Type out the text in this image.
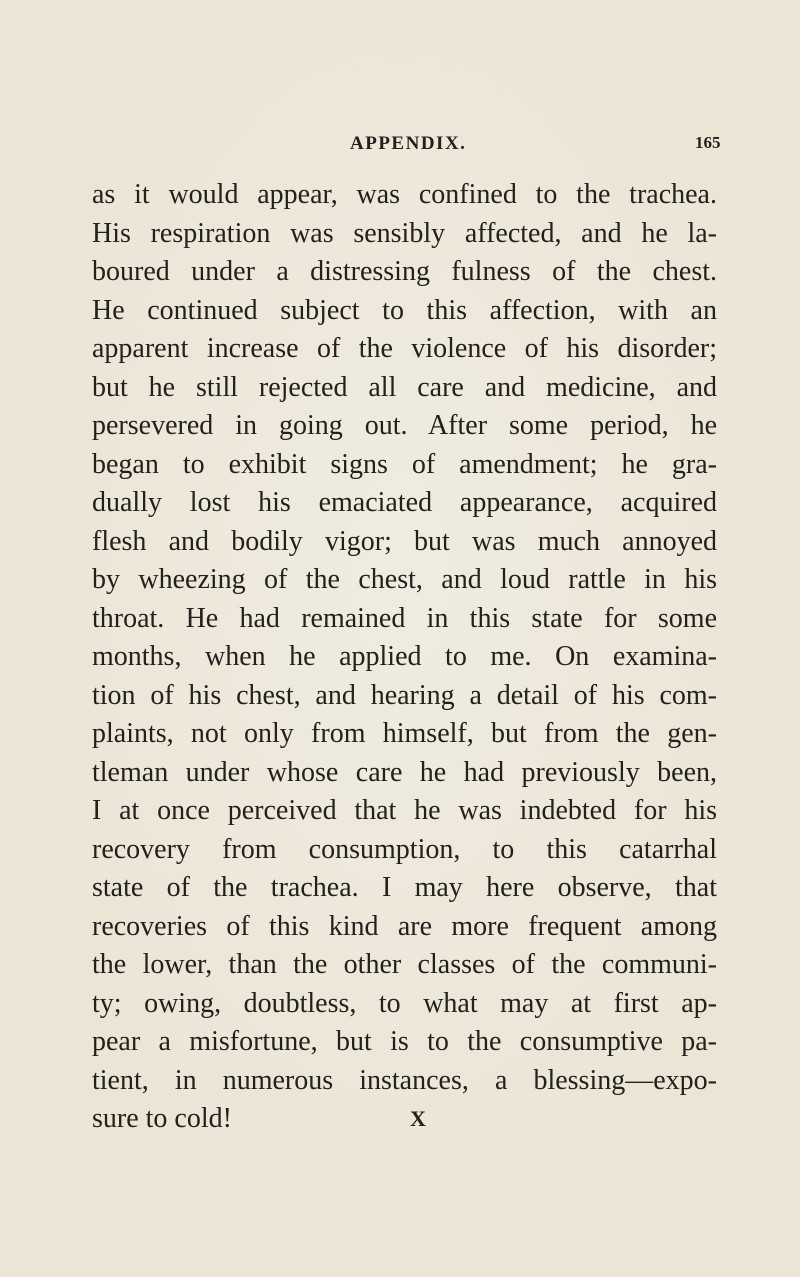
APPENDIX.	165
as it would appear, was confined to the trachea.
His respiration was sensibly affected, and he la-
boured under a distressing fulness of the chest.
He continued subject to this affection, with an
apparent increase of the violence of his disorder;
but he still rejected all care and medicine, and
persevered in going out. After some period, he
began to exhibit signs of amendment; he gra-
dually lost his emaciated appearance, acquired
flesh and bodily vigor; but was much annoyed
by wheezing of the chest, and loud rattle in his
throat. He had remained in this state for some
months, when he applied to me. On examina-
tion of his chest, and hearing a detail of his com-
plaints, not only from himself, but from the gen-
tleman under whose care he had previously been,
I at once perceived that he was indebted for his
recovery from consumption, to this catarrhal
state of the trachea. I may here observe, that
recoveries of this kind are more frequent among
the lower, than the other classes of the communi-
ty; owing, doubtless, to what may at first ap-
pear a misfortune, but is to the consumptive pa-
tient, in numerous instances, a blessing—expo-
sure to cold!	X
